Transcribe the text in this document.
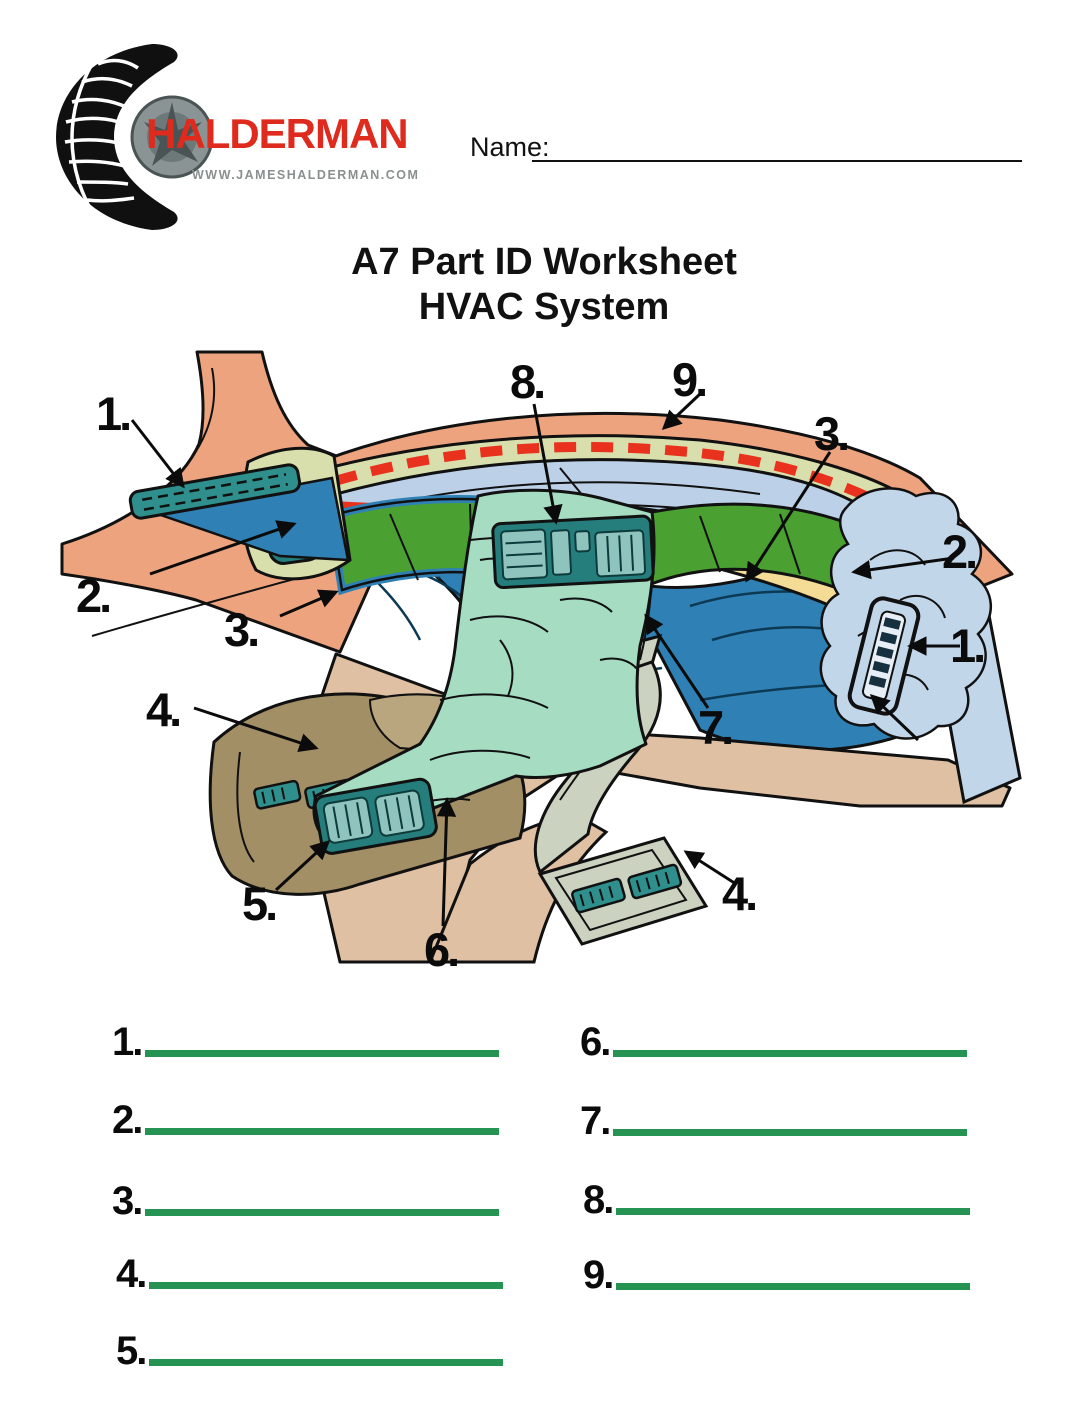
HALDERMAN
WWW.JAMESHALDERMAN.COM
Name:
A7 Part ID Worksheet
HVAC System
1.
2.
3.
4.
5.
6.
7.
8.	9.
3.
2.
1.
4.
1.
2.
3.
4.
5.
6.
7.
8.
9.
